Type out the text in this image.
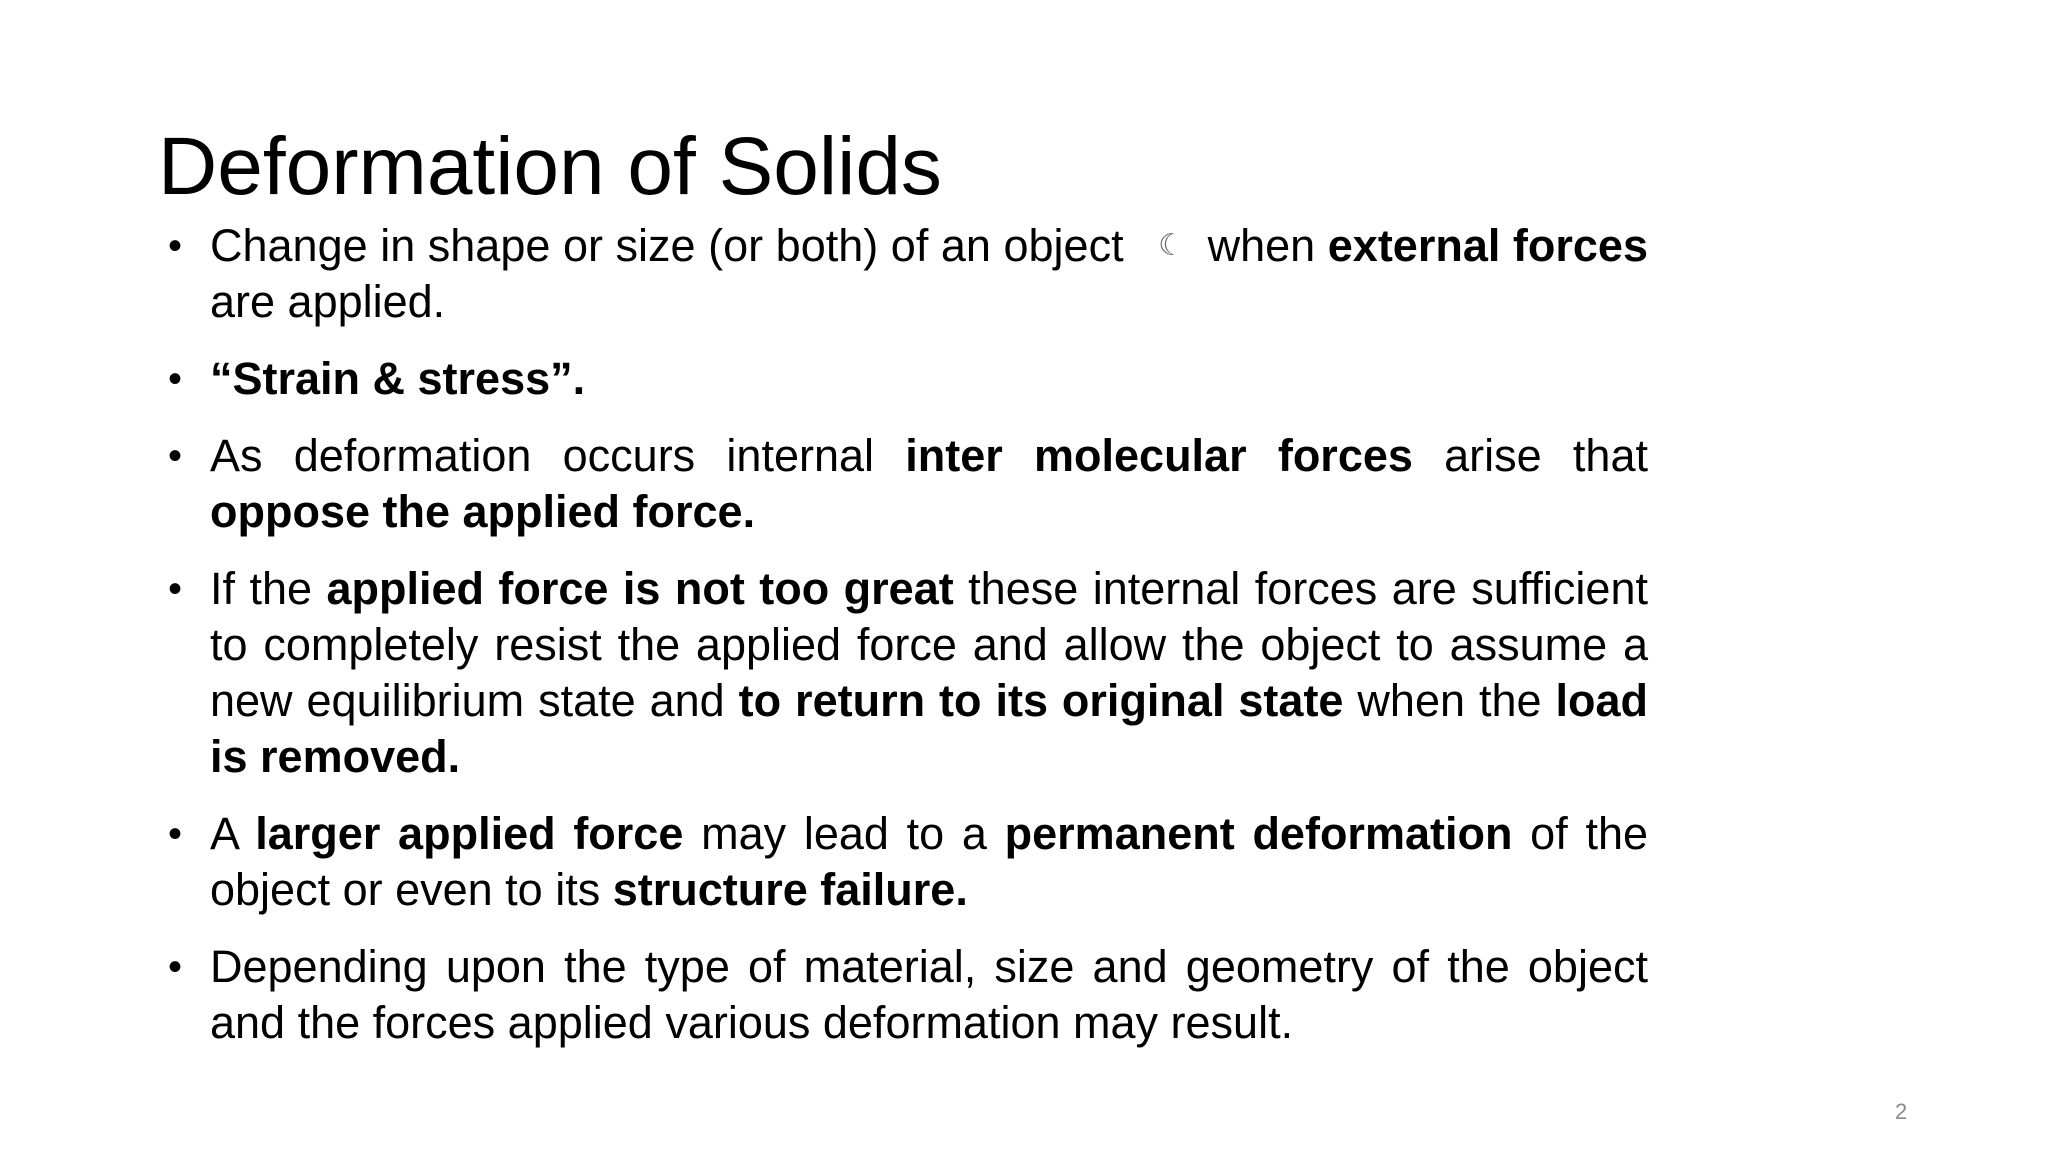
Deformation of Solids
• Change in shape or size (or both) of an object ☾ when external forces are applied.
• “Strain & stress”.
• As deformation occurs internal inter molecular forces arise that oppose the applied force.
• If the applied force is not too great these internal forces are sufficient to completely resist the applied force and allow the object to assume a new equilibrium state and to return to its original state when the load is removed.
• A larger applied force may lead to a permanent deformation of the object or even to its structure failure.
• Depending upon the type of material, size and geometry of the object and the forces applied various deformation may result.
2
